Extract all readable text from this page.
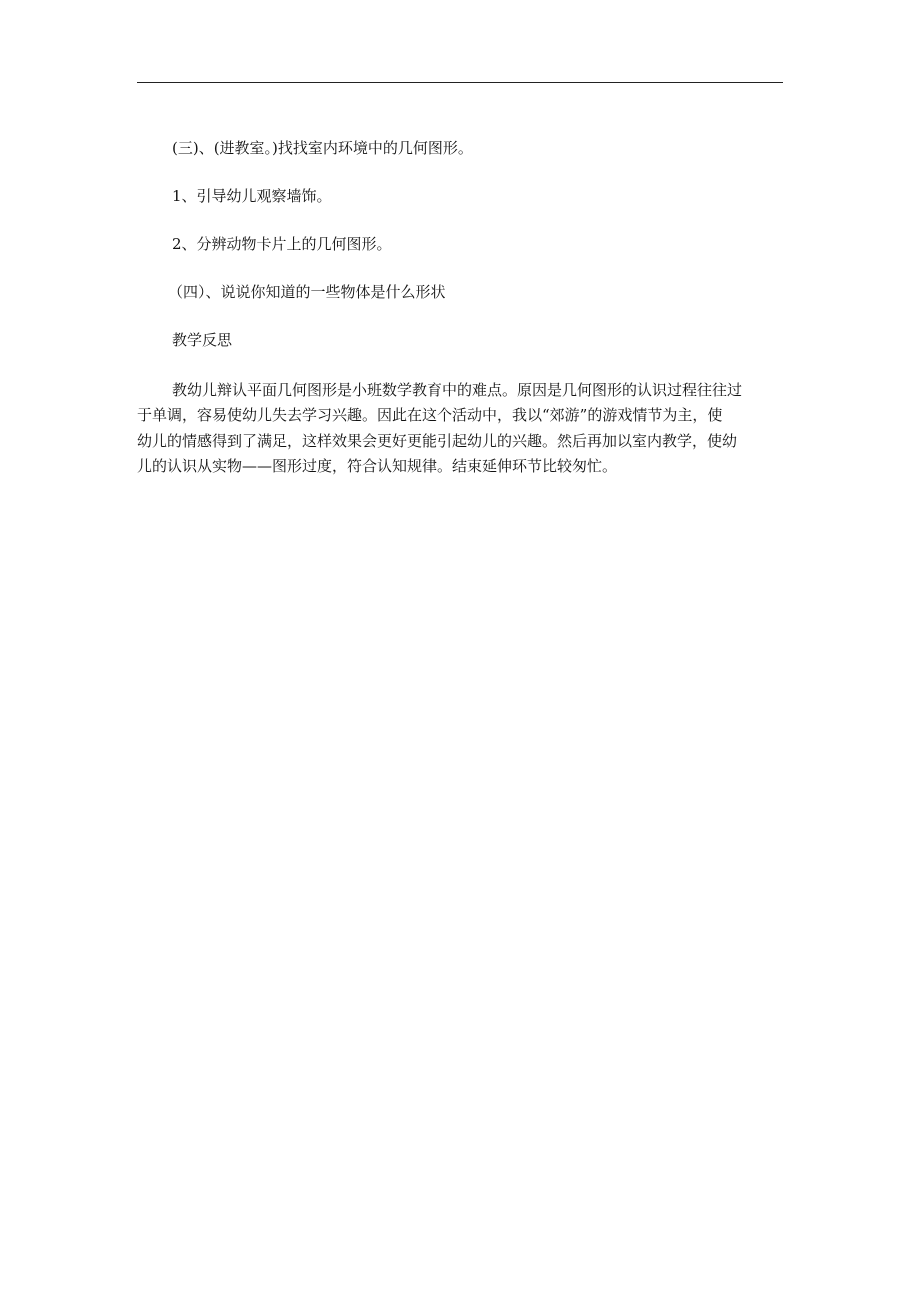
(三)、(进教室。)找找室内环境中的几何图形。
1、引导幼儿观察墙饰。
2、分辨动物卡片上的几何图形。
（四）、说说你知道的一些物体是什么形状
教学反思
教幼儿辩认平面几何图形是小班数学教育中的难点。原因是几何图形的认识过程往往过
于单调，容易使幼儿失去学习兴趣。因此在这个活动中，我以“郊游”的游戏情节为主，使
幼儿的情感得到了满足，这样效果会更好更能引起幼儿的兴趣。然后再加以室内教学，使幼
儿的认识从实物——图形过度，符合认知规律。结束延伸环节比较匆忙。
